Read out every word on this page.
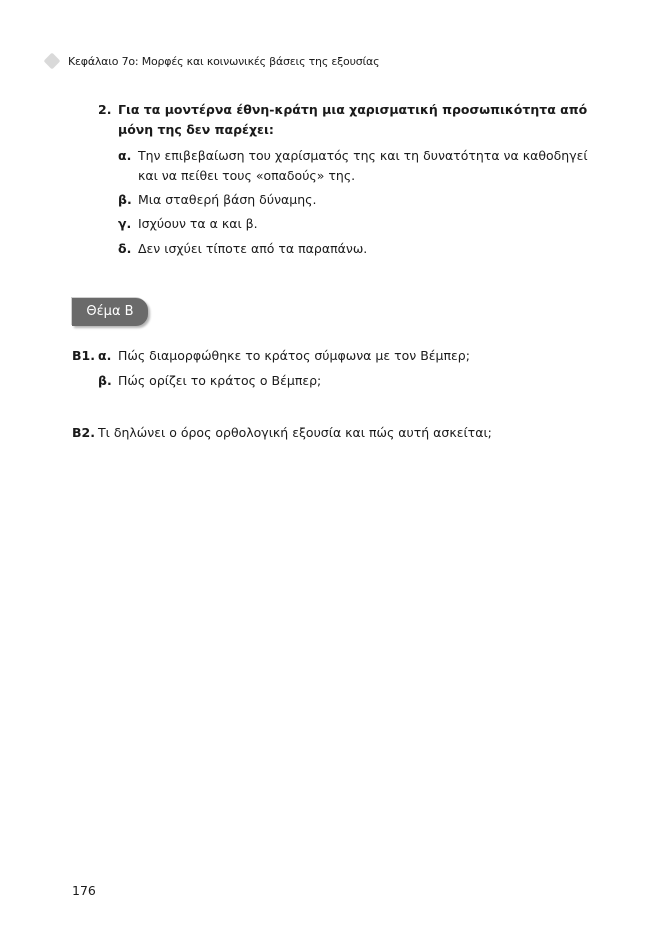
Κεφάλαιο 7ο: Μορφές και κοινωνικές βάσεις της εξουσίας
2. Για τα μοντέρνα έθνη-κράτη μια χαρισματική προσωπικότητα από μόνη της δεν παρέχει:
α. Την επιβεβαίωση του χαρίσματός της και τη δυνατότητα να καθοδηγεί και να πείθει τους «οπαδούς» της.
β. Μια σταθερή βάση δύναμης.
γ. Ισχύουν τα α και β.
δ. Δεν ισχύει τίποτε από τα παραπάνω.
Θέμα Β
Β1. α. Πώς διαμορφώθηκε το κράτος σύμφωνα με τον Βέμπερ;
β. Πώς ορίζει το κράτος ο Βέμπερ;
Β2. Τι δηλώνει ο όρος ορθολογική εξουσία και πώς αυτή ασκείται;
176
